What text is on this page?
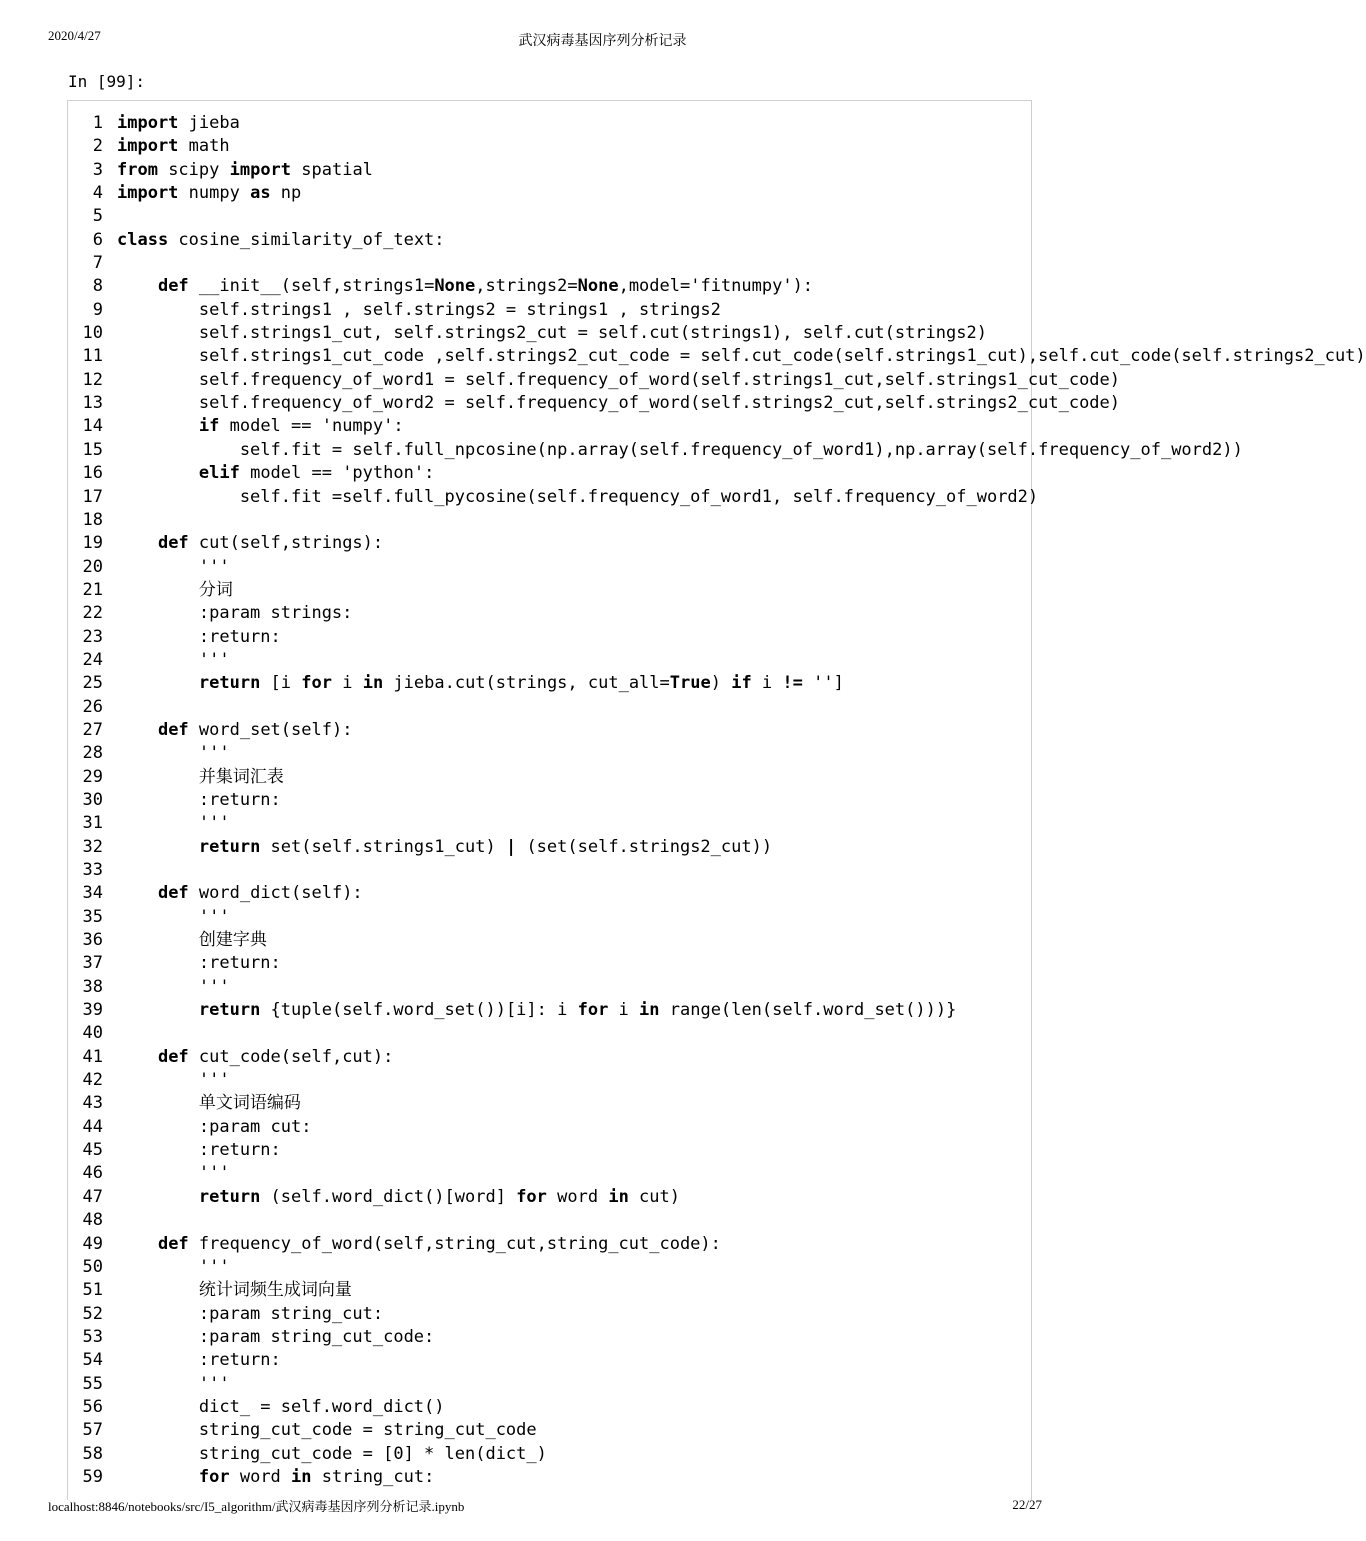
2020/4/27	武汉病毒基因序列分析记录
In [99]:
1 import jieba
2 import math
3 from scipy import spatial
4 import numpy as np
5
6 class cosine_similarity_of_text:
7
8	def __init__(self,strings1=None,strings2=None,model='fitnumpy'):
9        self.strings1 , self.strings2 = strings1 , strings2
10        self.strings1_cut, self.strings2_cut = self.cut(strings1), self.cut(strings2)
11        self.strings1_cut_code ,self.strings2_cut_code = self.cut_code(self.strings1_cut),self.cut_code(self.strings2_cut)
12        self.frequency_of_word1 = self.frequency_of_word(self.strings1_cut,self.strings1_cut_code)
13        self.frequency_of_word2 = self.frequency_of_word(self.strings2_cut,self.strings2_cut_code)
14	if model == 'numpy':
15            self.fit = self.full_npcosine(np.array(self.frequency_of_word1),np.array(self.frequency_of_word2))
16	elif model == 'python':
17            self.fit =self.full_pycosine(self.frequency_of_word1, self.frequency_of_word2)
18
19	def cut(self,strings):
20        '''
21	分词
22        :param strings:
23        :return:
24        '''
25	return [i for i in jieba.cut(strings, cut_all=True) if i != '']
26
27	def word_set(self):
28        '''
29	并集词汇表
30        :return:
31        '''
32	return set(self.strings1_cut) | (set(self.strings2_cut))
33
34	def word_dict(self):
35        '''
36	创建字典
37        :return:
38        '''
39	return {tuple(self.word_set())[i]: i for i in range(len(self.word_set()))}
40
41	def cut_code(self,cut):
42        '''
43	单文词语编码
44        :param cut:
45        :return:
46        '''
47	return (self.word_dict()[word] for word in cut)
48
49	def frequency_of_word(self,string_cut,string_cut_code):
50        '''
51	统计词频生成词向量
52        :param string_cut:
53        :param string_cut_code:
54        :return:
55        '''
56        dict_ = self.word_dict()
57        string_cut_code = string_cut_code
58        string_cut_code = [0] * len(dict_)
59	for word in string_cut:
localhost:8846/notebooks/src/I5_algorithm/武汉病毒基因序列分析记录.ipynb	22/27
